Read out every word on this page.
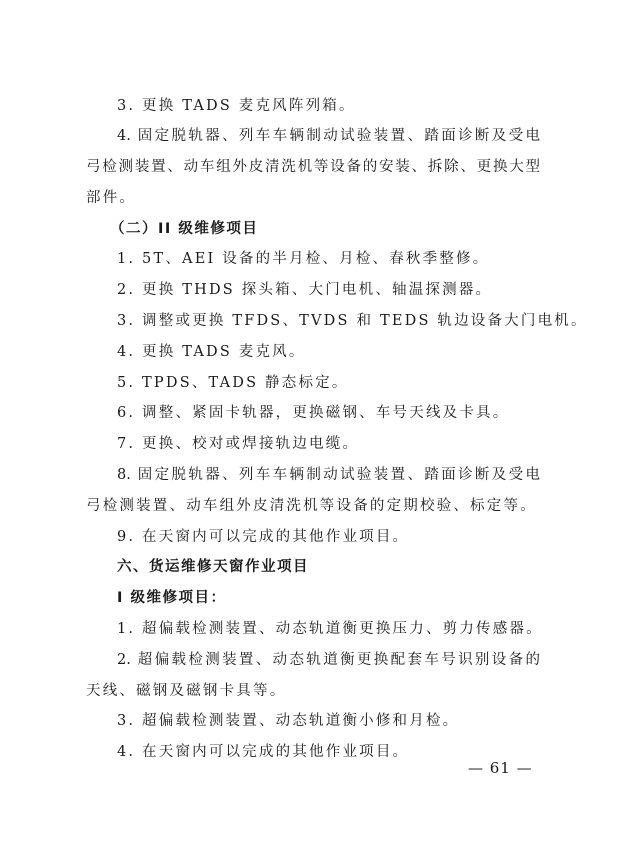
3. 更换 TADS 麦克风阵列箱。
4. 固定脱轨器、列车车辆制动试验装置、踏面诊断及受电
弓检测装置、动车组外皮清洗机等设备的安装、拆除、更换大型
部件。
（二）II 级维修项目
1. 5T、AEI 设备的半月检、月检、春秋季整修。
2. 更换 THDS 探头箱、大门电机、轴温探测器。
3. 调整或更换 TFDS、TVDS 和 TEDS 轨边设备大门电机。
4. 更换 TADS 麦克风。
5. TPDS、TADS 静态标定。
6. 调整、紧固卡轨器，更换磁钢、车号天线及卡具。
7. 更换、校对或焊接轨边电缆。
8. 固定脱轨器、列车车辆制动试验装置、踏面诊断及受电
弓检测装置、动车组外皮清洗机等设备的定期校验、标定等。
9. 在天窗内可以完成的其他作业项目。
六、货运维修天窗作业项目
I 级维修项目：
1. 超偏载检测装置、动态轨道衡更换压力、剪力传感器。
2. 超偏载检测装置、动态轨道衡更换配套车号识别设备的
天线、磁钢及磁钢卡具等。
3. 超偏载检测装置、动态轨道衡小修和月检。
4. 在天窗内可以完成的其他作业项目。
— 61 —
